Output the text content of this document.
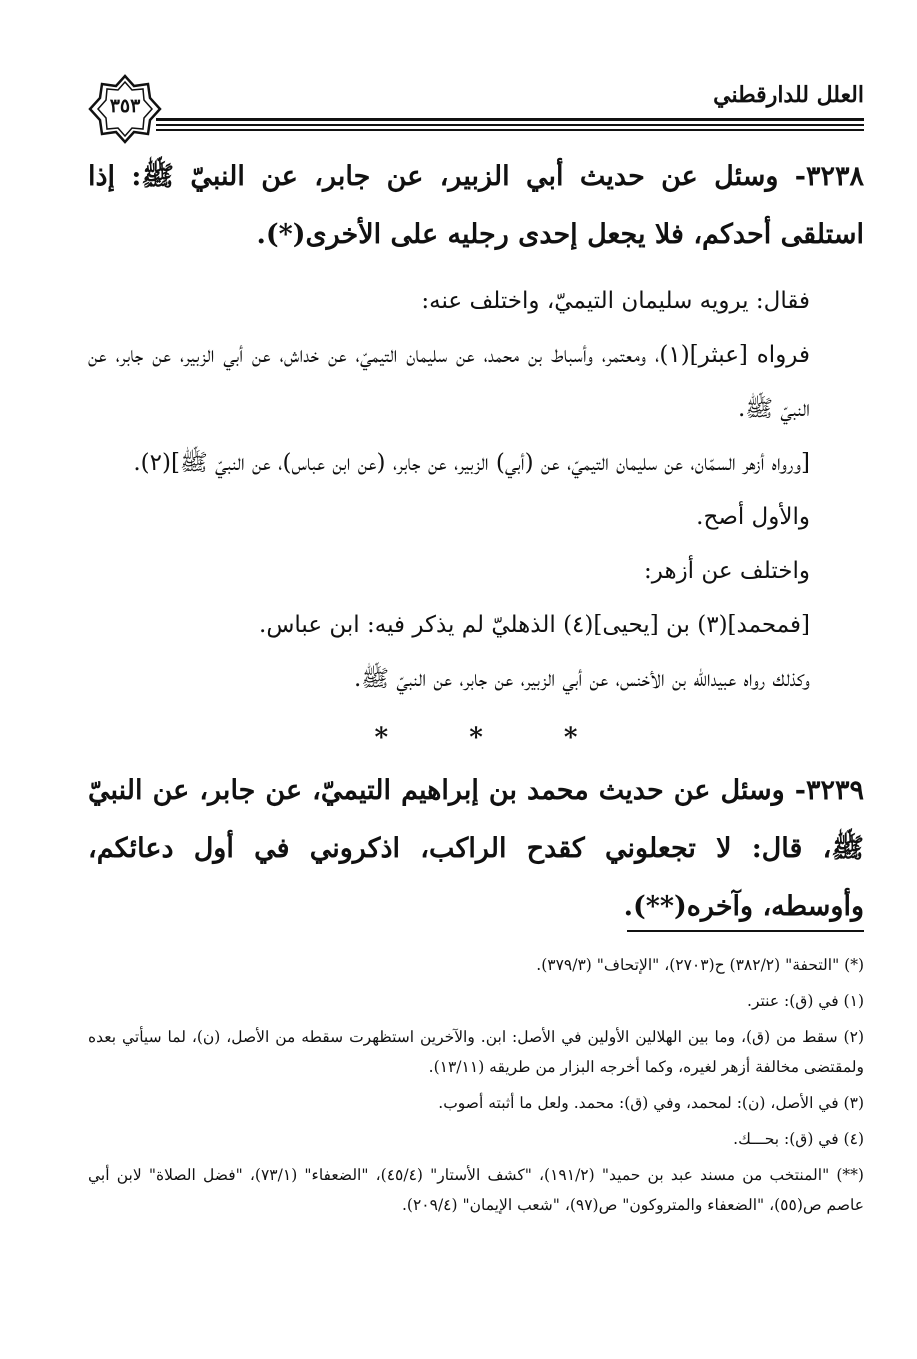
العلل للدارقطني
٣٥٣

٣٢٣٨- وسئل عن حديث أبي الزبير، عن جابر، عن النبيّ ﷺ: إذا استلقى أحدكم، فلا يجعل إحدى رجليه على الأخرى(*).

فقال: يرويه سليمان التيميّ، واختلف عنه:

فرواه [عبثر](١)، ومعتمر، وأسباط بن محمد، عن سليمان التيميّ، عن خداش، عن أبي الزبير، عن جابر، عن النبيّ ﷺ.

[ورواه أزهر السمّان، عن سليمان التيميّ، عن (أبي) الزبير، عن جابر، (عن ابن عباس)، عن النبيّ ﷺ](٢).

والأول أصح.

واختلف عن أزهر:

[فمحمد](٣) بن [يحيى](٤) الذهليّ لم يذكر فيه: ابن عباس.

وكذلك رواه عبيدالله بن الأخنس، عن أبي الزبير، عن جابر، عن النبيّ ﷺ.

* * *

٣٢٣٩- وسئل عن حديث محمد بن إبراهيم التيميّ، عن جابر، عن النبيّ ﷺ، قال: لا تجعلوني كقدح الراكب، اذكروني في أول دعائكم، وأوسطه، وآخره(**).

(*) "التحفة" (٣٨٢/٢) ح(٢٧٠٣)، "الإتحاف" (٣٧٩/٣).

(١) في (ق): عنتر.

(٢) سقط من (ق)، وما بين الهلالين الأولين في الأصل: ابن. والآخرين استظهرت سقطه من الأصل، (ن)، لما سيأتي بعده ولمقتضى مخالفة أزهر لغيره، وكما أخرجه البزار من طريقه (١٣/١١).

(٣) في الأصل، (ن): لمحمد، وفي (ق): محمد. ولعل ما أثبته أصوب.

(٤) في (ق): بحـــك.

(**) "المنتخب من مسند عبد بن حميد" (١٩١/٢)، "كشف الأستار" (٤٥/٤)، "الضعفاء" (٧٣/١)، "فضل الصلاة" لابن أبي عاصم ص(٥٥)، "الضعفاء والمتروكون" ص(٩٧)، "شعب الإيمان" (٢٠٩/٤).
